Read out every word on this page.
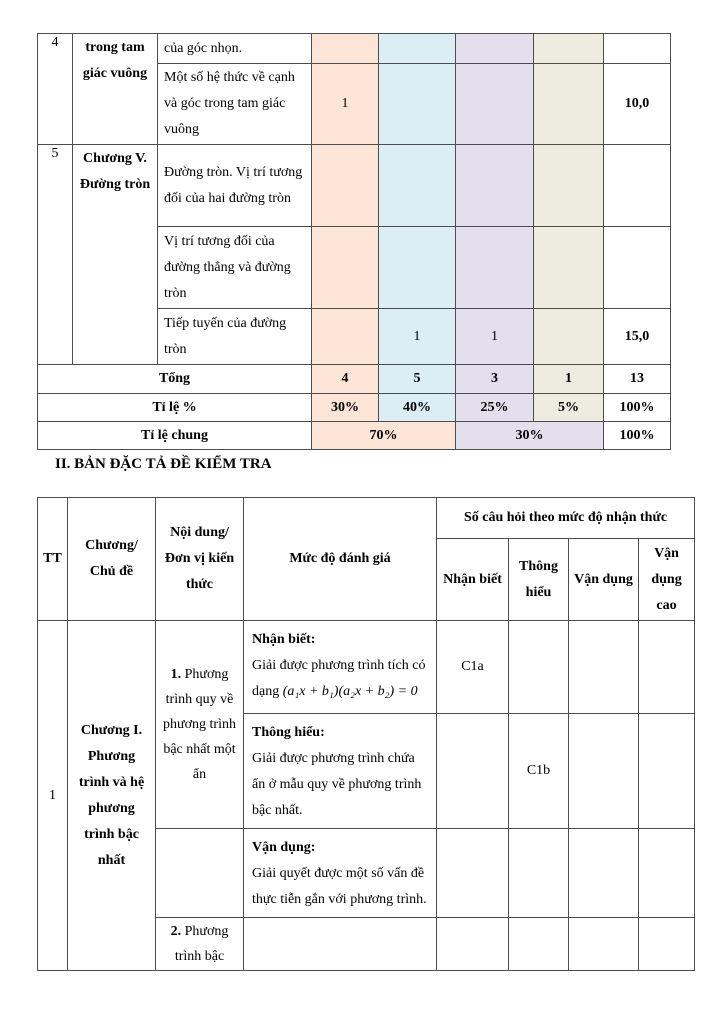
4	trong tam giác vuông	của góc nhọn.					
		Một số hệ thức về cạnh và góc trong tam giác vuông	1				10,0
5	Chương V. Đường tròn	Đường tròn. Vị trí tương đối của hai đường tròn					
		Vị trí tương đối của đường thẳng và đường tròn					
		Tiếp tuyến của đường tròn		1	1		15,0
Tổng			4	5	3	1	13
Tỉ lệ %			30%	40%	25%	5%	100%
Tỉ lệ chung			70%		30%		100%
II. BẢN ĐẶC TẢ ĐỀ KIỂM TRA
TT	Chương/ Chủ đề	Nội dung/Đơn vị kiến thức	Mức độ đánh giá	Số câu hỏi theo mức độ nhận thức			
				Nhận biết	Thông hiểu	Vận dụng	Vận dụng cao
1	Chương I. Phương trình và hệ phương trình bậc nhất	1. Phương trình quy về phương trình bậc nhất một ẩn	Nhận biết:
Giải được phương trình tích có dạng (a₁x + b₁)(a₂x + b₂) = 0	C1a			

			Thông hiểu:
Giải được phương trình chứa ẩn ở mẫu quy về phương trình bậc nhất.		C1b		

			Vận dụng:
Giải quyết được một số vấn đề thực tiễn gắn với phương trình.				

		2. Phương trình bậc					
